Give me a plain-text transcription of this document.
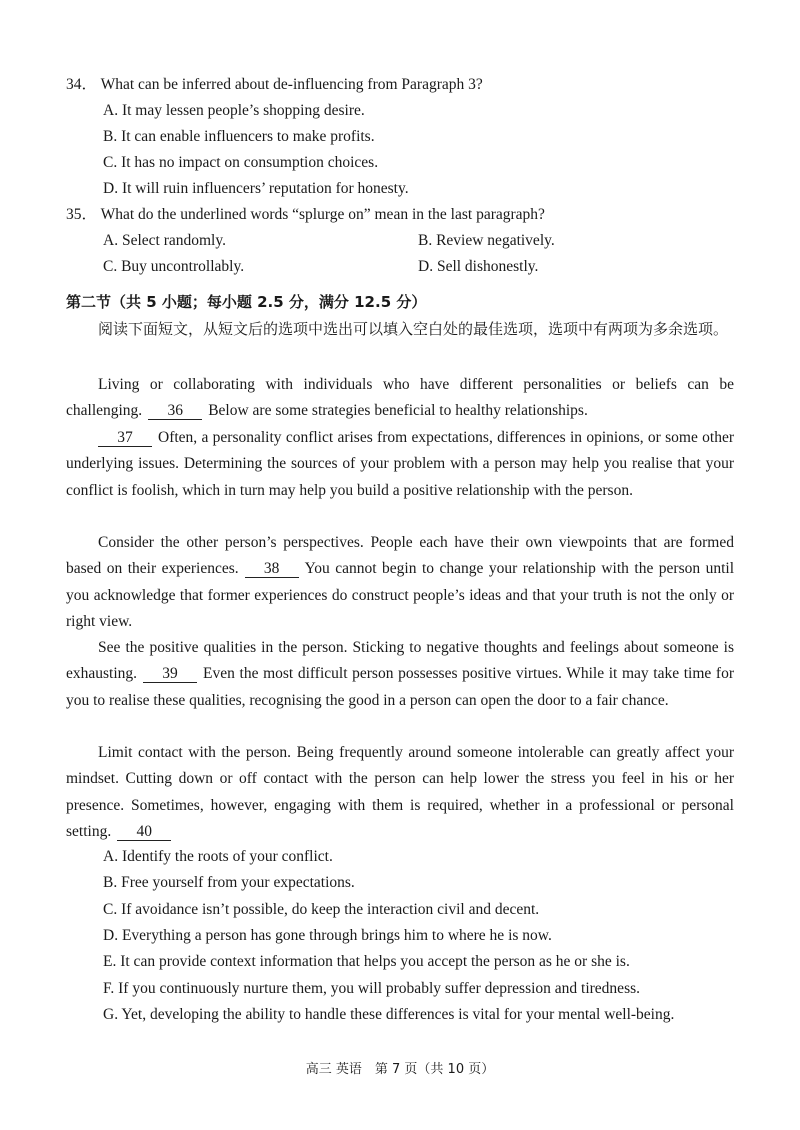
34． What can be inferred about de-influencing from Paragraph 3?
A. It may lessen people’s shopping desire.
B. It can enable influencers to make profits.
C. It has no impact on consumption choices.
D. It will ruin influencers’ reputation for honesty.
35． What do the underlined words “splurge on” mean in the last paragraph?
A. Select randomly.	B. Review negatively.
C. Buy uncontrollably.	D. Sell dishonestly.
第二节（共 5 小题；每小题 2.5 分，满分 12.5 分）
阅读下面短文，从短文后的选项中选出可以填入空白处的最佳选项，选项中有两项为多余选项。
Living or collaborating with individuals who have different personalities or beliefs can be challenging. 36 Below are some strategies beneficial to healthy relationships.
37 Often, a personality conflict arises from expectations, differences in opinions, or some other underlying issues. Determining the sources of your problem with a person may help you realise that your conflict is foolish, which in turn may help you build a positive relationship with the person.
Consider the other person’s perspectives. People each have their own viewpoints that are formed based on their experiences. 38 You cannot begin to change your relationship with the person until you acknowledge that former experiences do construct people’s ideas and that your truth is not the only or right view.
See the positive qualities in the person. Sticking to negative thoughts and feelings about someone is exhausting. 39 Even the most difficult person possesses positive virtues. While it may take time for you to realise these qualities, recognising the good in a person can open the door to a fair chance.
Limit contact with the person. Being frequently around someone intolerable can greatly affect your mindset. Cutting down or off contact with the person can help lower the stress you feel in his or her presence. Sometimes, however, engaging with them is required, whether in a professional or personal setting. 40
A. Identify the roots of your conflict.
B. Free yourself from your expectations.
C. If avoidance isn’t possible, do keep the interaction civil and decent.
D. Everything a person has gone through brings him to where he is now.
E. It can provide context information that helps you accept the person as he or she is.
F. If you continuously nurture them, you will probably suffer depression and tiredness.
G. Yet, developing the ability to handle these differences is vital for your mental well-being.
高三 英语　第 7 页（共 10 页）
